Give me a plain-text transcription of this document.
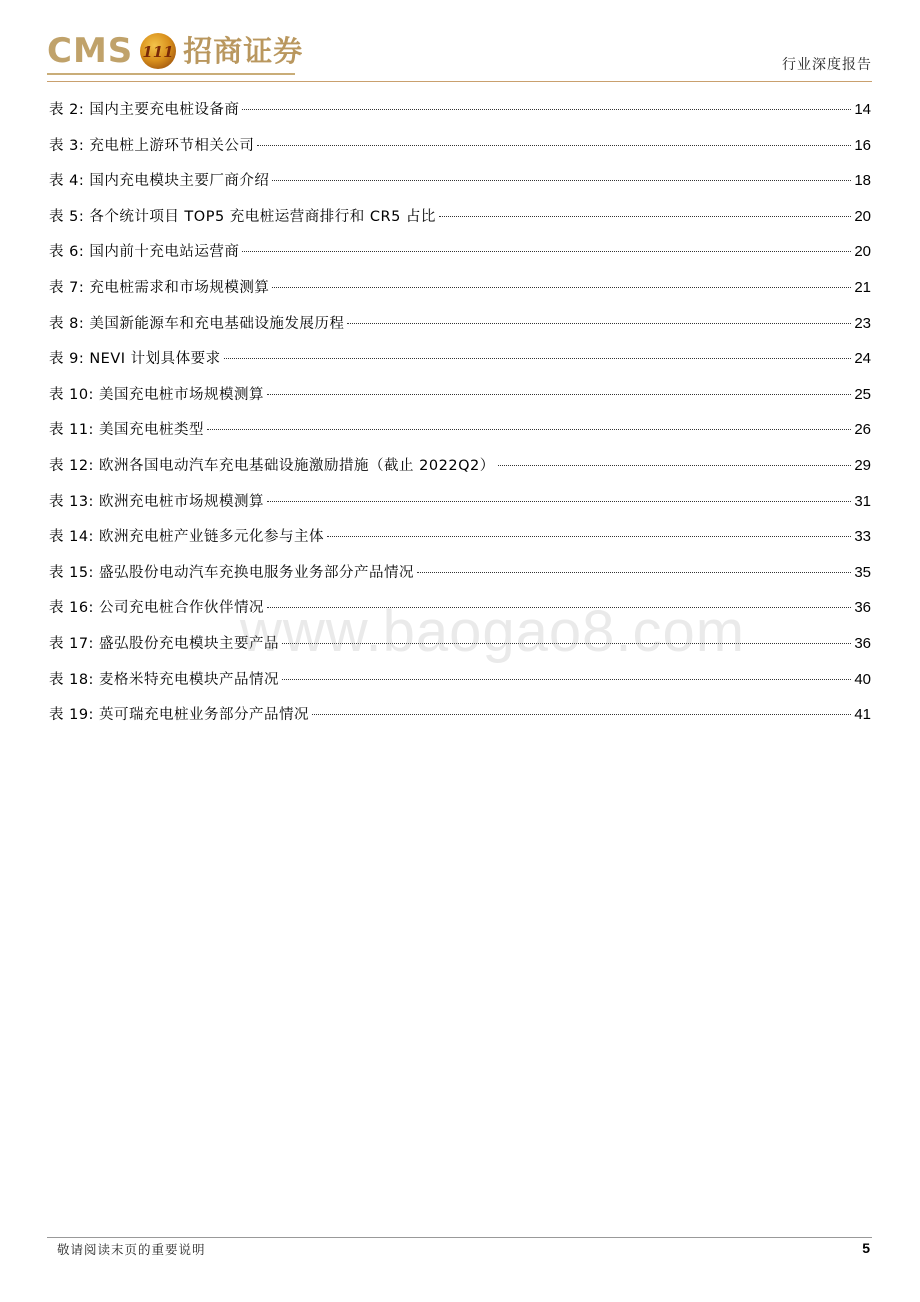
CMS 111 招商证券	行业深度报告
表 2: 国内主要充电桩设备商	14
表 3: 充电桩上游环节相关公司	16
表 4: 国内充电模块主要厂商介绍	18
表 5: 各个统计项目 TOP5 充电桩运营商排行和 CR5 占比	20
表 6: 国内前十充电站运营商	20
表 7: 充电桩需求和市场规模测算	21
表 8: 美国新能源车和充电基础设施发展历程	23
表 9: NEVI 计划具体要求	24
表 10: 美国充电桩市场规模测算	25
表 11: 美国充电桩类型	26
表 12: 欧洲各国电动汽车充电基础设施激励措施（截止 2022Q2）	29
表 13: 欧洲充电桩市场规模测算	31
表 14: 欧洲充电桩产业链多元化参与主体	33
表 15: 盛弘股份电动汽车充换电服务业务部分产品情况	35
表 16: 公司充电桩合作伙伴情况	36
表 17: 盛弘股份充电模块主要产品	36
表 18: 麦格米特充电模块产品情况	40
表 19: 英可瑞充电桩业务部分产品情况	41
www.baogao8.com
敬请阅读末页的重要说明	5
